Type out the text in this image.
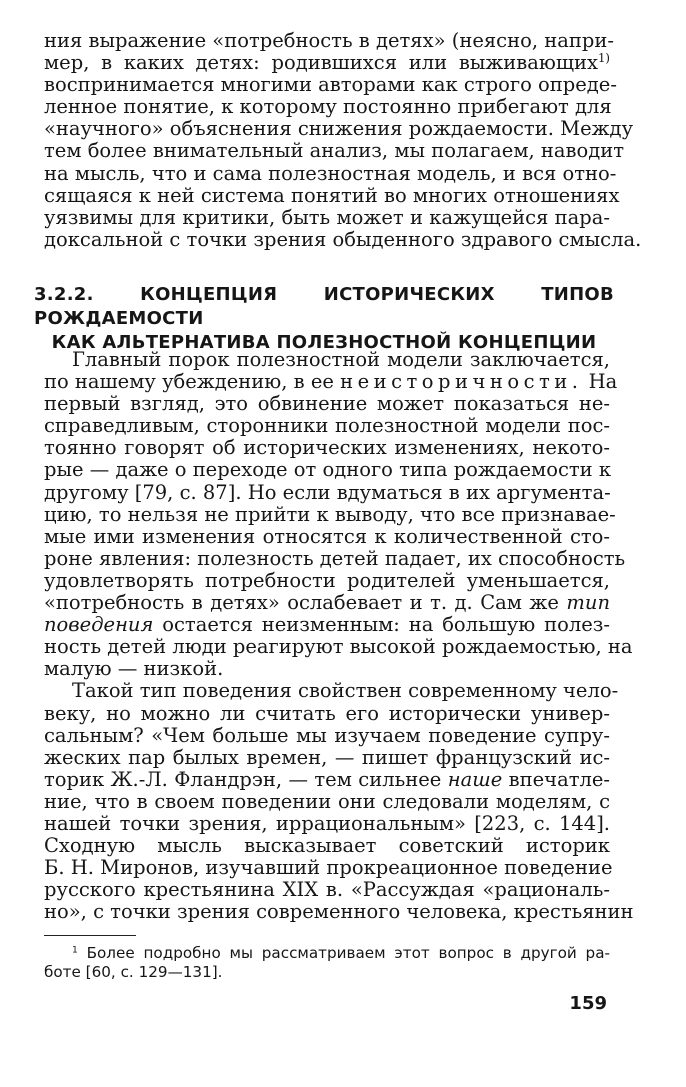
ния выражение «потребность в детях» (неясно, напри-
мер, в каких детях: родившихся или выживающих$^{1)}$
воспринимается многими авторами как строго опреде-
ленное понятие, к которому постоянно прибегают для
«научного» объяснения снижения рождаемости. Между
тем более внимательный анализ, мы полагаем, наводит
на мысль, что и сама полезностная модель, и вся отно-
сящаяся к ней система понятий во многих отношениях
уязвимы для критики, быть может и кажущейся пара-
доксальной с точки зрения обыденного здравого смысла.
3.2.2. КОНЦЕПЦИЯ ИСТОРИЧЕСКИХ ТИПОВ РОЖДАЕМОСТИ
КАК АЛЬТЕРНАТИВА ПОЛЕЗНОСТНОЙ КОНЦЕПЦИИ
Главный порок полезностной модели заключается,
по нашему убеждению, в ее неисторичности. На
первый взгляд, это обвинение может показаться не-
справедливым, сторонники полезностной модели пос-
тоянно говорят об исторических изменениях, некото-
рые — даже о переходе от одного типа рождаемости к
другому [79, с. 87]. Но если вдуматься в их аргумента-
цию, то нельзя не прийти к выводу, что все признавае-
мые ими изменения относятся к количественной сто-
роне явления: полезность детей падает, их способность
удовлетворять потребности родителей уменьшается,
«потребность в детях» ослабевает и т. д. Сам же тип
поведения остается неизменным: на большую полез-
ность детей люди реагируют высокой рождаемостью, на
малую — низкой.
Такой тип поведения свойствен современному чело-
веку, но можно ли считать его исторически универ-
сальным? «Чем больше мы изучаем поведение супру-
жеских пар былых времен, — пишет французский ис-
торик Ж.-Л. Фландрэн, — тем сильнее наше впечатле-
ние, что в своем поведении они следовали моделям, с
нашей точки зрения, иррациональным» [223, с. 144].
Сходную мысль высказывает советский историк
Б. Н. Миронов, изучавший прокреационное поведение
русского крестьянина XIX в. «Рассуждая «рациональ-
но», с точки зрения современного человека, крестьянин
$^1$ Более подробно мы рассматриваем этот вопрос в другой ра-
боте [60, с. 129—131].
159
